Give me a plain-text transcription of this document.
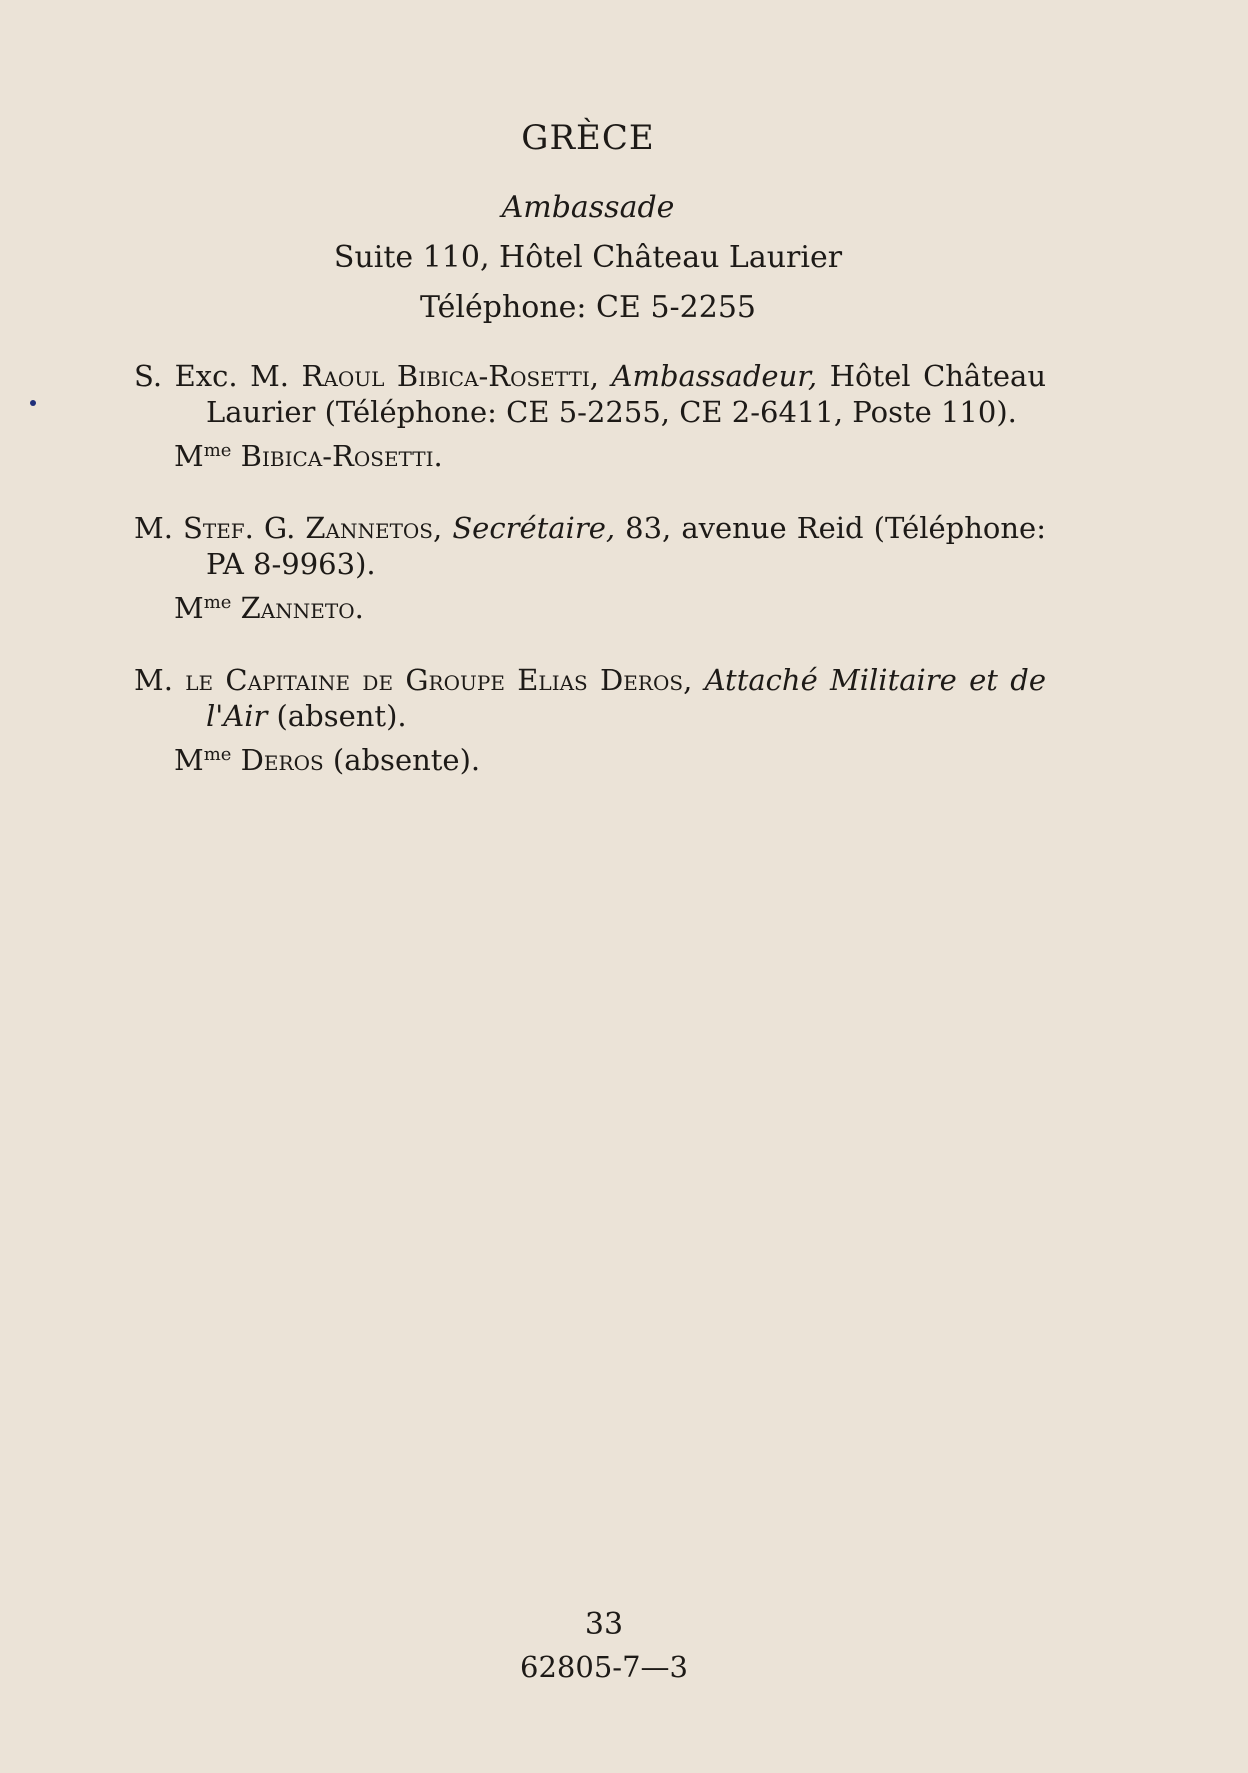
GRÈCE
Ambassade
Suite 110, Hôtel Château Laurier
Téléphone: CE 5-2255
S. Exc. M. Raoul Bibica-Rosetti, Ambassadeur, Hôtel Château Laurier (Téléphone: CE 5-2255, CE 2-6411, Poste 110).
$M^{me}$ Bibica-Rosetti.
M. Stef. G. Zannetos, Secrétaire, 83, avenue Reid (Téléphone: PA 8-9963).
$M^{me}$ Zanneto.
M. le Capitaine de Groupe Elias Deros, Attaché Militaire et de l'Air (absent).
$M^{me}$ Deros (absente).
33
62805-7—3
